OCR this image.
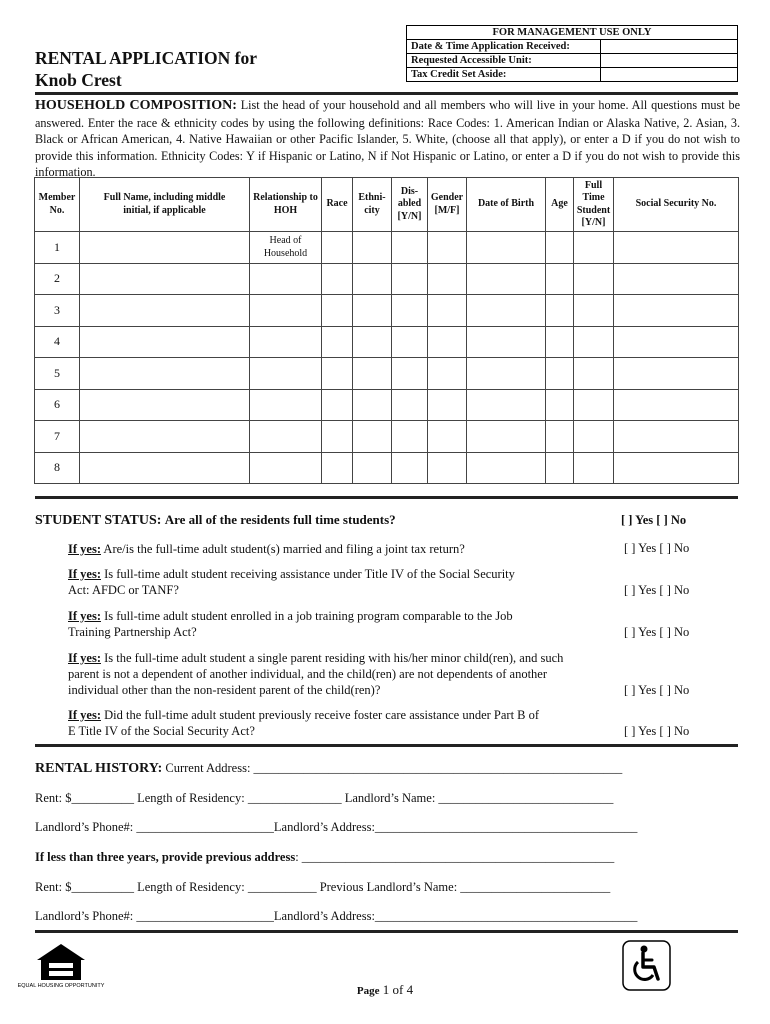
RENTAL APPLICATION for
Knob Crest
FOR MANAGEMENT USE ONLY	
Date & Time Application Received:	
Requested Accessible Unit:	
Tax Credit Set Aside:	
HOUSEHOLD COMPOSITION: List the head of your household and all members who will live in your home. All questions must be answered. Enter the race & ethnicity codes by using the following definitions: Race Codes: 1. American Indian or Alaska Native, 2. Asian, 3. Black or African American, 4. Native Hawaiian or other Pacific Islander, 5. White, (choose all that apply), or enter a D if you do not wish to provide this information. Ethnicity Codes: Y if Hispanic or Latino, N if Not Hispanic or Latino, or enter a D if you do not wish to provide this information.
Member No.	Full Name, including middle initial, if applicable	Relationship to HOH	Race	Ethni-city	Dis-abled [Y/N]	Gender [M/F]	Date of Birth	Age	Full Time Student [Y/N]	Social Security No.
1		Head of Household								
2										
3										
4										
5										
6										
7										
8										
STUDENT STATUS: Are all of the residents full time students?	[ ] Yes [ ] No
If yes: Are/is the full-time adult student(s) married and filing a joint tax return?	[ ] Yes [ ] No
If yes: Is full-time adult student receiving assistance under Title IV of the Social Security Act: AFDC or TANF?	[ ] Yes [ ] No
If yes: Is full-time adult student enrolled in a job training program comparable to the Job Training Partnership Act?	[ ] Yes [ ] No
If yes: Is the full-time adult student a single parent residing with his/her minor child(ren), and such parent is not a dependent of another individual, and the child(ren) are not dependents of another individual other than the non-resident parent of the child(ren)?	[ ] Yes [ ] No
If yes: Did the full-time adult student previously receive foster care assistance under Part B of E Title IV of the Social Security Act?	[ ] Yes [ ] No
RENTAL HISTORY: Current Address: ___________________________________________________________
Rent: $__________ Length of Residency: _______________ Landlord’s Name: ____________________________
Landlord’s Phone#: ______________________Landlord’s Address:__________________________________________
If less than three years, provide previous address: __________________________________________________
Rent: $__________ Length of Residency: ___________ Previous Landlord’s Name: ________________________
Landlord’s Phone#: ______________________Landlord’s Address:__________________________________________
EQUAL HOUSING OPPORTUNITY	Page 1 of 4
